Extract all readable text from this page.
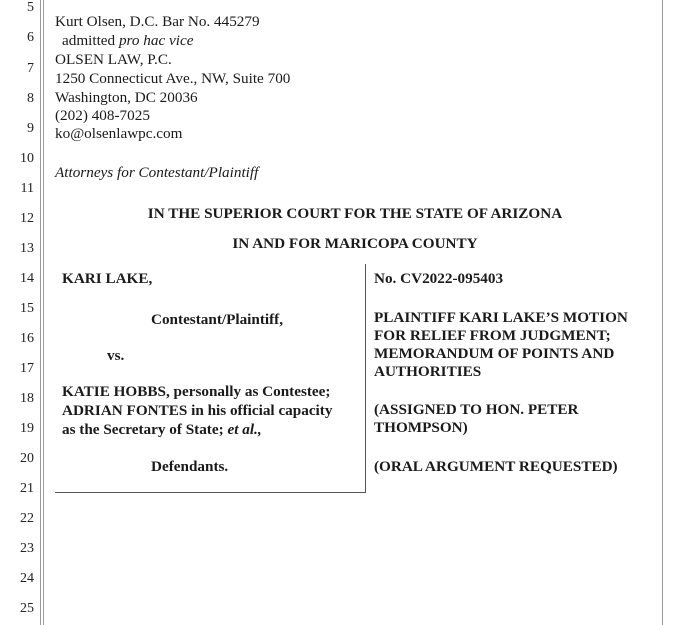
5
6
7
8
9
10
11
12
13
14
15
16
17
18
19
20
21
22
23
24
25
Kurt Olsen, D.C. Bar No. 445279
admitted pro hac vice
OLSEN LAW, P.C.
1250 Connecticut Ave., NW, Suite 700
Washington, DC 20036
(202) 408-7025
ko@olsenlawpc.com
Attorneys for Contestant/Plaintiff
IN THE SUPERIOR COURT FOR THE STATE OF ARIZONA
IN AND FOR MARICOPA COUNTY
KARI LAKE,
Contestant/Plaintiff,
vs.
KATIE HOBBS, personally as Contestee;
ADRIAN FONTES in his official capacity
as the Secretary of State; et al.,
Defendants.
No. CV2022-095403
PLAINTIFF KARI LAKE’S MOTION
FOR RELIEF FROM JUDGMENT;
MEMORANDUM OF POINTS AND
AUTHORITIES
(ASSIGNED TO HON. PETER
THOMPSON)
(ORAL ARGUMENT REQUESTED)
